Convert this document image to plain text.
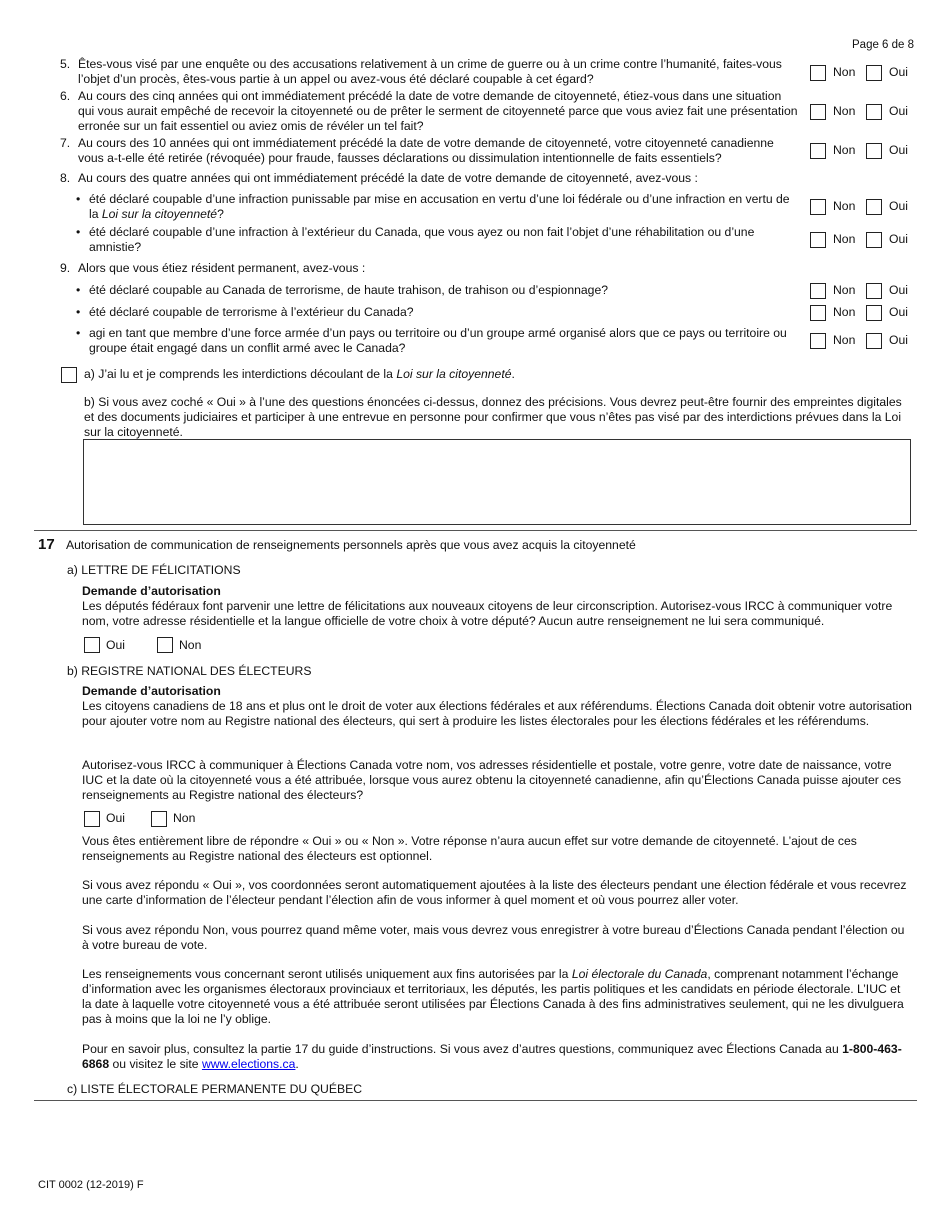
Page 6 de 8
5. Êtes-vous visé par une enquête ou des accusations relativement à un crime de guerre ou à un crime contre l’humanité, faites-vous l’objet d’un procès, êtes-vous partie à un appel ou avez-vous été déclaré coupable à cet égard?	Non	Oui
6. Au cours des cinq années qui ont immédiatement précédé la date de votre demande de citoyenneté, étiez-vous dans une situation qui vous aurait empêché de recevoir la citoyenneté ou de prêter le serment de citoyenneté parce que vous aviez fait une présentation erronée sur un fait essentiel ou aviez omis de révéler un tel fait?
Non	Oui
7. Au cours des 10 années qui ont immédiatement précédé la date de votre demande de citoyenneté, votre citoyenneté canadienne vous a-t-elle été retirée (révoquée) pour fraude, fausses déclarations ou dissimulation intentionnelle de faits essentiels?
Non	Oui
8. Au cours des quatre années qui ont immédiatement précédé la date de votre demande de citoyenneté, avez-vous :
• été déclaré coupable d’une infraction punissable par mise en accusation en vertu d’une loi fédérale ou d’une infraction en vertu de la Loi sur la citoyenneté?
Non	Oui
• été déclaré coupable d’une infraction à l’extérieur du Canada, que vous ayez ou non fait l’objet d’une réhabilitation ou d’une amnistie?
Non	Oui
9. Alors que vous étiez résident permanent, avez-vous :
• été déclaré coupable au Canada de terrorisme, de haute trahison, de trahison ou d’espionnage?	Non	Oui
• été déclaré coupable de terrorisme à l’extérieur du Canada?	Non	Oui
• agi en tant que membre d’une force armée d’un pays ou territoire ou d’un groupe armé organisé alors que ce pays ou territoire ou groupe était engagé dans un conflit armé avec le Canada?
Non	Oui
a) J’ai lu et je comprends les interdictions découlant de la Loi sur la citoyenneté.
b) Si vous avez coché « Oui » à l’une des questions énoncées ci-dessus, donnez des précisions. Vous devrez peut-être fournir des empreintes digitales et des documents judiciaires et participer à une entrevue en personne pour confirmer que vous n’êtes pas visé par des interdictions prévues dans la Loi sur la citoyenneté.
17 Autorisation de communication de renseignements personnels après que vous avez acquis la citoyenneté
a) LETTRE DE FÉLICITATIONS
Demande d’autorisation
Les députés fédéraux font parvenir une lettre de félicitations aux nouveaux citoyens de leur circonscription. Autorisez-vous IRCC à communiquer votre nom, votre adresse résidentielle et la langue officielle de votre choix à votre député? Aucun autre renseignement ne lui sera communiqué.
Oui	Non
b) REGISTRE NATIONAL DES ÉLECTEURS
Demande d’autorisation
Les citoyens canadiens de 18 ans et plus ont le droit de voter aux élections fédérales et aux référendums. Élections Canada doit obtenir votre autorisation pour ajouter votre nom au Registre national des électeurs, qui sert à produire les listes électorales pour les élections fédérales et les référendums.
Autorisez-vous IRCC à communiquer à Élections Canada votre nom, vos adresses résidentielle et postale, votre genre, votre date de naissance, votre IUC et la date où la citoyenneté vous a été attribuée, lorsque vous aurez obtenu la citoyenneté canadienne, afin qu’Élections Canada puisse ajouter ces renseignements au Registre national des électeurs?
Oui	Non
Vous êtes entièrement libre de répondre « Oui » ou « Non ». Votre réponse n’aura aucun effet sur votre demande de citoyenneté. L’ajout de ces renseignements au Registre national des électeurs est optionnel.
Si vous avez répondu « Oui », vos coordonnées seront automatiquement ajoutées à la liste des électeurs pendant une élection fédérale et vous recevrez une carte d’information de l’électeur pendant l’élection afin de vous informer à quel moment et où vous pourrez aller voter.
Si vous avez répondu Non, vous pourrez quand même voter, mais vous devrez vous enregistrer à votre bureau d’Élections Canada pendant l’élection ou à votre bureau de vote.
Les renseignements vous concernant seront utilisés uniquement aux fins autorisées par la Loi électorale du Canada, comprenant notamment l’échange d’information avec les organismes électoraux provinciaux et territoriaux, les députés, les partis politiques et les candidats en période électorale. L’IUC et la date à laquelle votre citoyenneté vous a été attribuée seront utilisées par Élections Canada à des fins administratives seulement, qui ne les divulguera pas à moins que la loi ne l’y oblige.
Pour en savoir plus, consultez la partie 17 du guide d’instructions. Si vous avez d’autres questions, communiquez avec Élections Canada au 1-800-463-6868 ou visitez le site www.elections.ca.
c) LISTE ÉLECTORALE PERMANENTE DU QUÉBEC
CIT 0002 (12-2019) F
